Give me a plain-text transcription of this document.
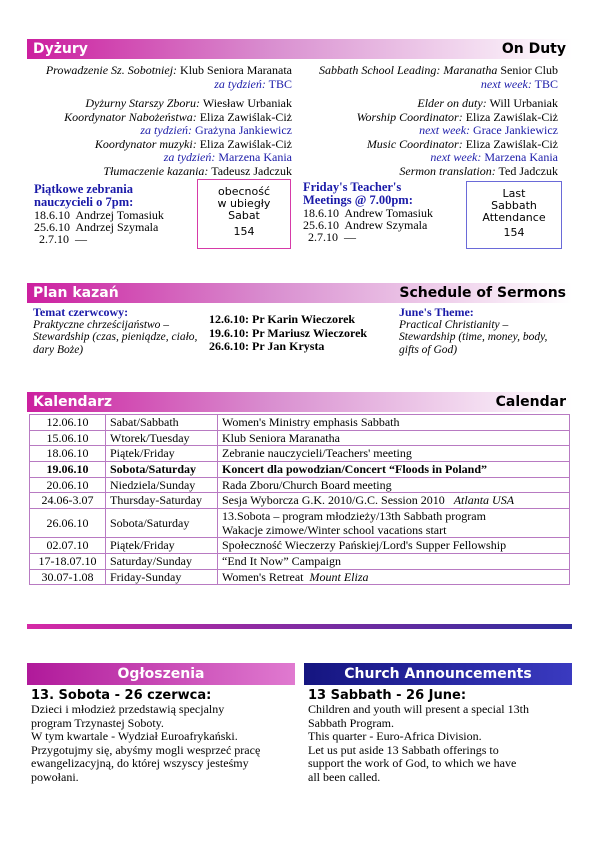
Dyżury	On Duty
Prowadzenie Sz. Sobotniej: Klub Seniora Maranata
za tydzień: TBC
Dyżurny Starszy Zboru: Wiesław Urbaniak
Koordynator Nabożeństwa: Eliza Zawiślak-Ciż
za tydzień: Grażyna Jankiewicz
Koordynator muzyki: Eliza Zawiślak-Ciż
za tydzień: Marzena Kania
Tłumaczenie kazania: Tadeusz Jadczuk
Sabbath School Leading: Maranatha Senior Club
next week: TBC
Elder on duty: Will Urbaniak
Worship Coordinator: Eliza Zawiślak-Ciż
next week: Grace Jankiewicz
Music Coordinator: Eliza Zawiślak-Ciż
next week: Marzena Kania
Sermon translation: Ted Jadczuk
Piątkowe zebrania
nauczycieli o 7pm:
18.6.10 Andrzej Tomasiuk
25.6.10 Andrzej Szymala
2.7.10 —
obecność
w ubiegły
Sabat
154
Friday's Teacher's
Meetings @ 7.00pm:
18.6.10 Andrew Tomasiuk
25.6.10 Andrew Szymala
2.7.10 —
Last
Sabbath
Attendance
154
Plan kazań	Schedule of Sermons
Temat czerwcowy:
Praktyczne chrześcijaństwo –
Stewardship (czas, pieniądze, ciało,
dary Boże)
12.6.10: Pr Karin Wieczorek
19.6.10: Pr Mariusz Wieczorek
26.6.10: Pr Jan Krysta
June's Theme:
Practical Christianity –
Stewardship (time, money, body,
gifts of God)
Kalendarz	Calendar
12.06.10	Sabat/Sabbath	Women's Ministry emphasis Sabbath
15.06.10	Wtorek/Tuesday	Klub Seniora Maranatha
18.06.10	Piątek/Friday	Zebranie nauczycieli/Teachers' meeting
19.06.10	Sobota/Saturday	Koncert dla powodzian/Concert “Floods in Poland”
20.06.10	Niedziela/Sunday	Rada Zboru/Church Board meeting
24.06-3.07	Thursday-Saturday	Sesja Wyborcza G.K. 2010/G.C. Session 2010 Atlanta USA
26.06.10	Sobota/Saturday	13.Sobota – program młodzieży/13th Sabbath program
Wakacje zimowe/Winter school vacations start

02.07.10	Piątek/Friday	Społeczność Wieczerzy Pańskiej/Lord's Supper Fellowship
17-18.07.10	Saturday/Sunday	“End It Now” Campaign
30.07-1.08	Friday-Sunday	Women's Retreat Mount Eliza
Ogłoszenia	Church Announcements
13. Sobota - 26 czerwca:
Dzieci i młodzież przedstawią specjalny
program Trzynastej Soboty.
W tym kwartale - Wydział Euroafrykański.
Przygotujmy się, abyśmy mogli wesprzeć pracę
ewangelizacyjną, do której wszyscy jesteśmy
powołani.
13 Sabbath - 26 June:
Children and youth will present a special 13th
Sabbath Program.
This quarter - Euro-Africa Division.
Let us put aside 13 Sabbath offerings to
support the work of God, to which we have
all been called.
